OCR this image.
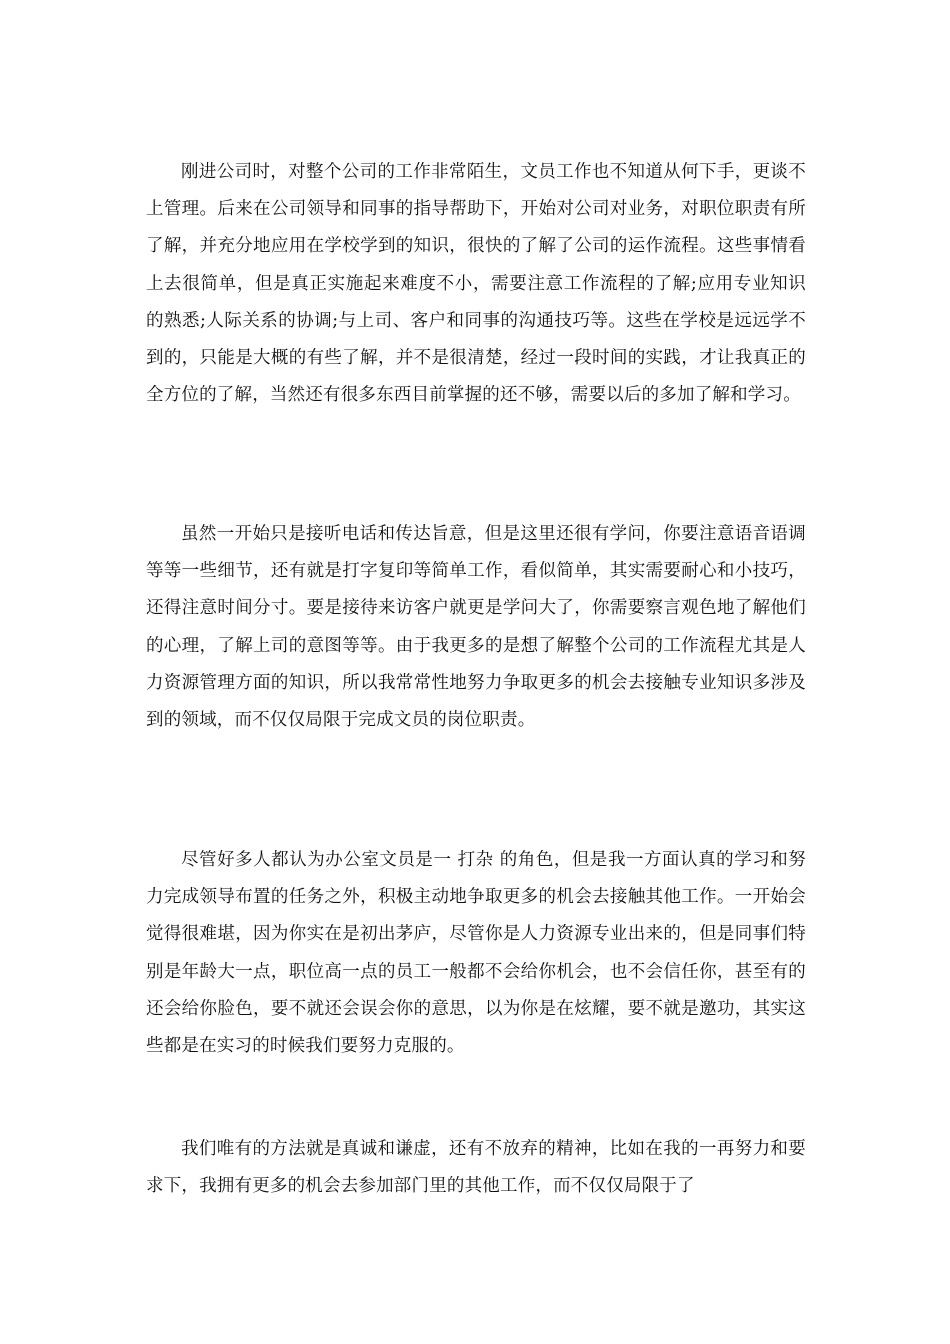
刚进公司时，对整个公司的工作非常陌生，文员工作也不知道从何下手，更谈不上管理。后来在公司领导和同事的指导帮助下，开始对公司对业务，对职位职责有所了解，并充分地应用在学校学到的知识，很快的了解了公司的运作流程。这些事情看上去很简单，但是真正实施起来难度不小，需要注意工作流程的了解;应用专业知识的熟悉;人际关系的协调;与上司、客户和同事的沟通技巧等。这些在学校是远远学不到的，只能是大概的有些了解，并不是很清楚，经过一段时间的实践，才让我真正的全方位的了解，当然还有很多东西目前掌握的还不够，需要以后的多加了解和学习。

虽然一开始只是接听电话和传达旨意，但是这里还很有学问，你要注意语音语调等等一些细节，还有就是打字复印等简单工作，看似简单，其实需要耐心和小技巧，还得注意时间分寸。要是接待来访客户就更是学问大了，你需要察言观色地了解他们的心理，了解上司的意图等等。由于我更多的是想了解整个公司的工作流程尤其是人力资源管理方面的知识，所以我常常性地努力争取更多的机会去接触专业知识多涉及到的领域，而不仅仅局限于完成文员的岗位职责。

尽管好多人都认为办公室文员是一 打杂 的角色，但是我一方面认真的学习和努力完成领导布置的任务之外，积极主动地争取更多的机会去接触其他工作。一开始会觉得很难堪，因为你实在是初出茅庐，尽管你是人力资源专业出来的，但是同事们特别是年龄大一点，职位高一点的员工一般都不会给你机会，也不会信任你，甚至有的还会给你脸色，要不就还会误会你的意思，以为你是在炫耀，要不就是邀功，其实这些都是在实习的时候我们要努力克服的。

我们唯有的方法就是真诚和谦虚，还有不放弃的精神，比如在我的一再努力和要求下，我拥有更多的机会去参加部门里的其他工作，而不仅仅局限于了
